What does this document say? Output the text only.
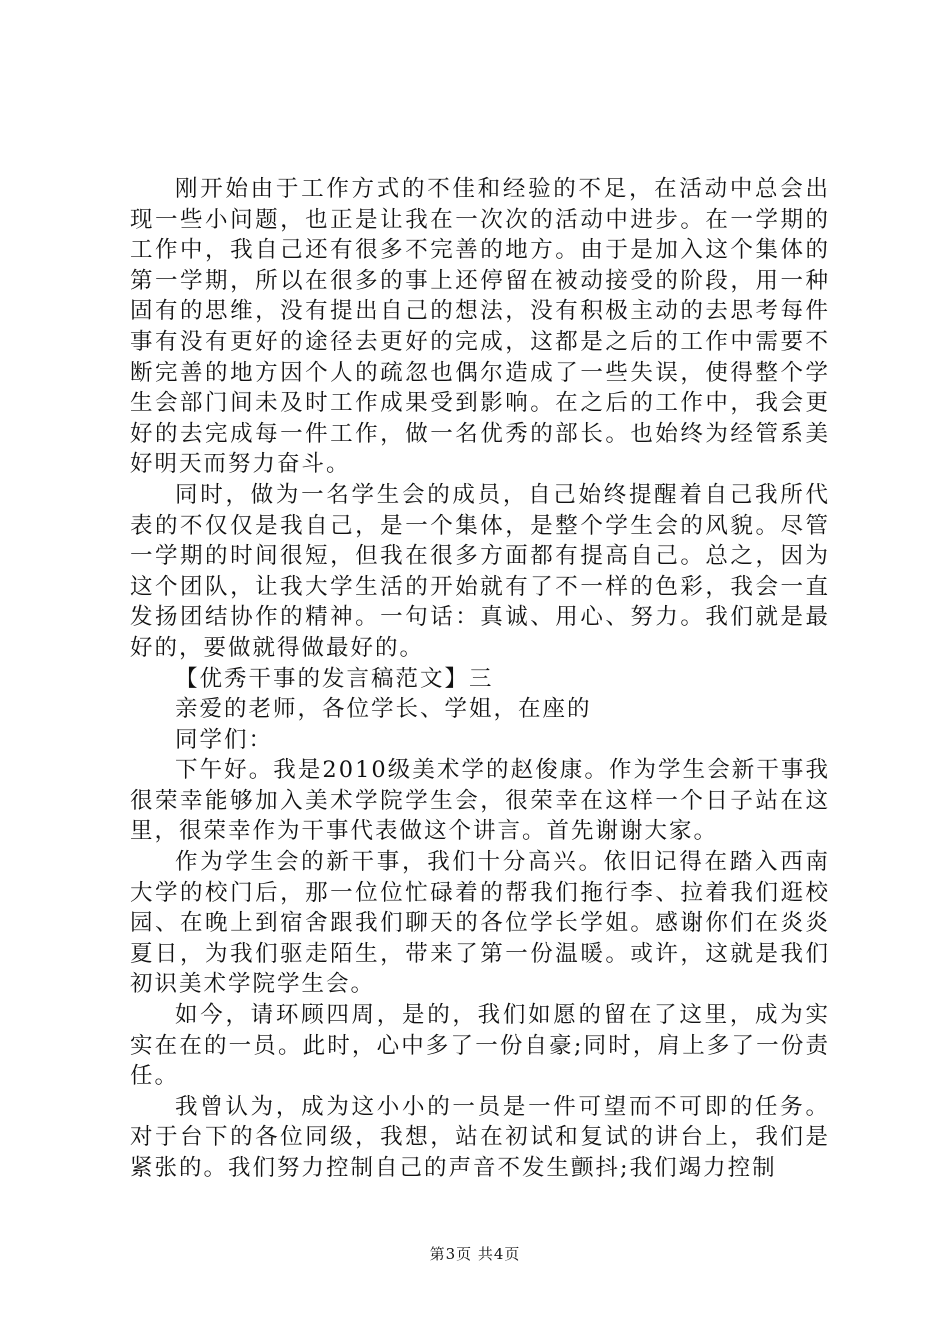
刚开始由于工作方式的不佳和经验的不足，在活动中总会出现一些小问题，也正是让我在一次次的活动中进步。在一学期的工作中，我自己还有很多不完善的地方。由于是加入这个集体的第一学期，所以在很多的事上还停留在被动接受的阶段，用一种固有的思维，没有提出自己的想法，没有积极主动的去思考每件事有没有更好的途径去更好的完成，这都是之后的工作中需要不断完善的地方因个人的疏忽也偶尔造成了一些失误，使得整个学生会部门间未及时工作成果受到影响。在之后的工作中，我会更好的去完成每一件工作，做一名优秀的部长。也始终为经管系美好明天而努力奋斗。

同时，做为一名学生会的成员，自己始终提醒着自己我所代表的不仅仅是我自己，是一个集体，是整个学生会的风貌。尽管一学期的时间很短，但我在很多方面都有提高自己。总之，因为这个团队，让我大学生活的开始就有了不一样的色彩，我会一直发扬团结协作的精神。一句话：真诚、用心、努力。我们就是最好的，要做就得做最好的。

【优秀干事的发言稿范文】三

亲爱的老师，各位学长、学姐，在座的

同学们：

下午好。我是2010级美术学的赵俊康。作为学生会新干事我很荣幸能够加入美术学院学生会，很荣幸在这样一个日子站在这里，很荣幸作为干事代表做这个讲言。首先谢谢大家。

作为学生会的新干事，我们十分高兴。依旧记得在踏入西南大学的校门后，那一位位忙碌着的帮我们拖行李、拉着我们逛校园、在晚上到宿舍跟我们聊天的各位学长学姐。感谢你们在炎炎夏日，为我们驱走陌生，带来了第一份温暖。或许，这就是我们初识美术学院学生会。

如今，请环顾四周，是的，我们如愿的留在了这里，成为实实在在的一员。此时，心中多了一份自豪;同时，肩上多了一份责任。

我曾认为，成为这小小的一员是一件可望而不可即的任务。对于台下的各位同级，我想，站在初试和复试的讲台上，我们是紧张的。我们努力控制自己的声音不发生颤抖;我们竭力控制

第3页 共4页
